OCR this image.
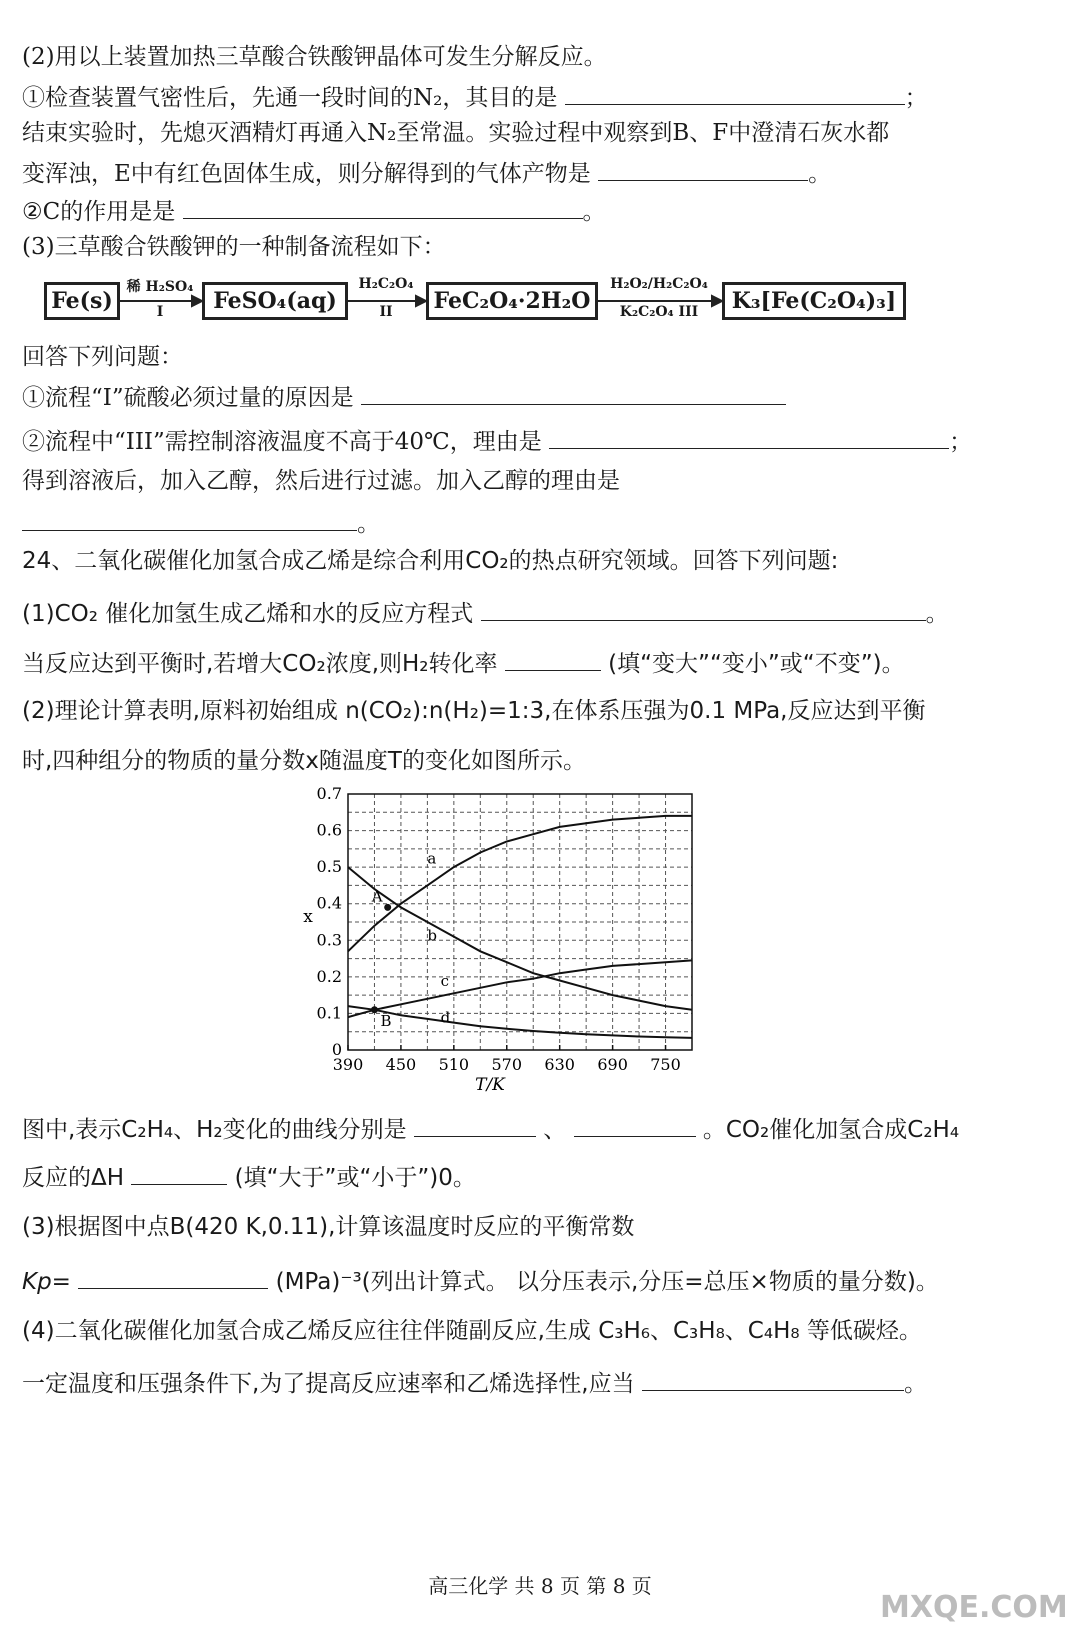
(2)用以上装置加热三草酸合铁酸钾晶体可发生分解反应。
①检查装置气密性后，先通一段时间的N₂，其目的是	；
结束实验时，先熄灭酒精灯再通入N₂至常温。实验过程中观察到B、F中澄清石灰水都
变浑浊，E中有红色固体生成，则分解得到的气体产物是	。
②C的作用是是	。
(3)三草酸合铁酸钾的一种制备流程如下：
Fe(s)	FeSO₄(aq)	FeC₂O₄·2H₂O	K₃[Fe(C₂O₄)₃]
稀 H₂SO₄
I
H₂C₂O₄
II
H₂O₂/H₂C₂O₄
K₂C₂O₄ III
回答下列问题：
①流程“I”硫酸必须过量的原因是
②流程中“III”需控制溶液温度不高于40℃，理由是	；
得到溶液后，加入乙醇，然后进行过滤。加入乙醇的理由是
。
24、二氧化碳催化加氢合成乙烯是综合利用CO₂的热点研究领域。回答下列问题:
(1)CO₂ 催化加氢生成乙烯和水的反应方程式	。
当反应达到平衡时,若增大CO₂浓度,则H₂转化率	(填“变大”“变小”或“不变”)。
(2)理论计算表明,原料初始组成 n(CO₂):n(H₂)=1:3,在体系压强为0.1 MPa,反应达到平衡
时,四种组分的物质的量分数x随温度T的变化如图所示。
390 450 510 570 630 690 750
0
0.1
0.2
0.3
0.4
0.5
0.6
0.7
T/K
x
a
b
c
d
A
B
图中,表示C₂H₄、H₂变化的曲线分别是	、	。CO₂催化加氢合成C₂H₄
反应的ΔH	(填“大于”或“小于”)0。
(3)根据图中点B(420 K,0.11),计算该温度时反应的平衡常数
Kp=	(MPa)⁻³(列出计算式。 以分压表示,分压=总压×物质的量分数)。
(4)二氧化碳催化加氢合成乙烯反应往往伴随副反应,生成 C₃H₆、C₃H₈、C₄H₈ 等低碳烃。
一定温度和压强条件下,为了提高反应速率和乙烯选择性,应当	。
高三化学 共 8 页 第 8 页
MXQE.COM
